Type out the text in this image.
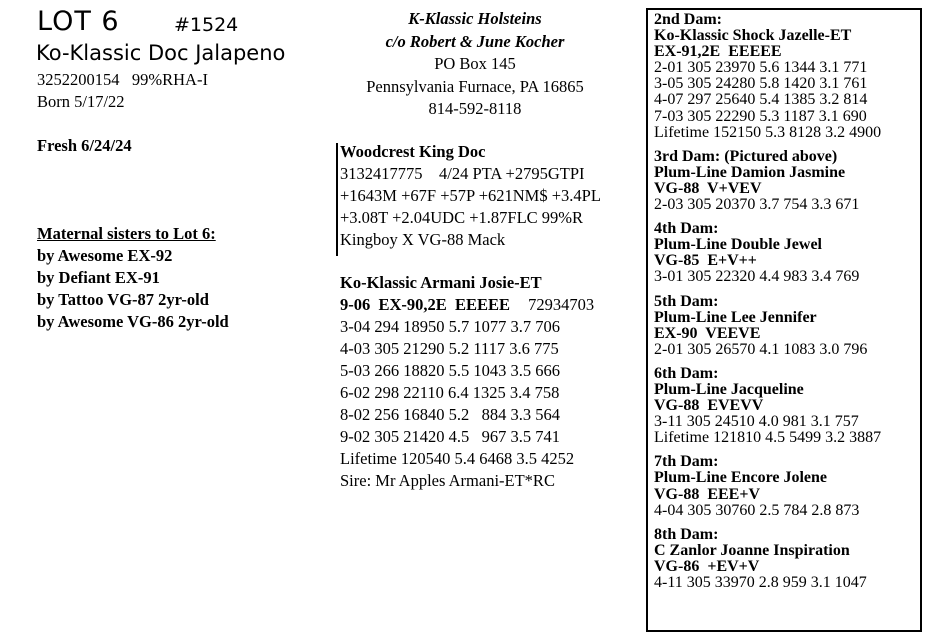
LOT 6	#1524
Ko-Klassic Doc Jalapeno
3252200154   99%RHA-I
Born 5/17/22
Fresh 6/24/24
Maternal sisters to Lot 6:
by Awesome EX-92
by Defiant EX-91
by Tattoo VG-87 2yr-old
by Awesome VG-86 2yr-old
K-Klassic Holsteins
c/o Robert & June Kocher
PO Box 145
Pennsylvania Furnace, PA 16865
814-592-8118
Woodcrest King Doc
3132417775    4/24 PTA +2795GTPI
+1643M +67F +57P +621NM$ +3.4PL
+3.08T +2.04UDC +1.87FLC 99%R
Kingboy X VG-88 Mack
Ko-Klassic Armani Josie-ET
9-06  EX-90,2E  EEEEE 72934703
3-04 294 18950 5.7 1077 3.7 706
4-03 305 21290 5.2 1117 3.6 775
5-03 266 18820 5.5 1043 3.5 666
6-02 298 22110 6.4 1325 3.4 758
8-02 256 16840 5.2   884 3.3 564
9-02 305 21420 4.5   967 3.5 741
Lifetime 120540 5.4 6468 3.5 4252
Sire: Mr Apples Armani-ET*RC
2nd Dam:
Ko-Klassic Shock Jazelle-ET
EX-91,2E  EEEEE
2-01 305 23970 5.6 1344 3.1 771
3-05 305 24280 5.8 1420 3.1 761
4-07 297 25640 5.4 1385 3.2 814
7-03 305 22290 5.3 1187 3.1 690
Lifetime 152150 5.3 8128 3.2 4900
3rd Dam: (Pictured above)
Plum-Line Damion Jasmine
VG-88  V+VEV
2-03 305 20370 3.7 754 3.3 671
4th Dam:
Plum-Line Double Jewel
VG-85  E+V++
3-01 305 22320 4.4 983 3.4 769
5th Dam:
Plum-Line Lee Jennifer
EX-90  VEEVE
2-01 305 26570 4.1 1083 3.0 796
6th Dam:
Plum-Line Jacqueline
VG-88  EVEVV
3-11 305 24510 4.0 981 3.1 757
Lifetime 121810 4.5 5499 3.2 3887
7th Dam:
Plum-Line Encore Jolene
VG-88  EEE+V
4-04 305 30760 2.5 784 2.8 873
8th Dam:
C Zanlor Joanne Inspiration
VG-86  +EV+V
4-11 305 33970 2.8 959 3.1 1047
